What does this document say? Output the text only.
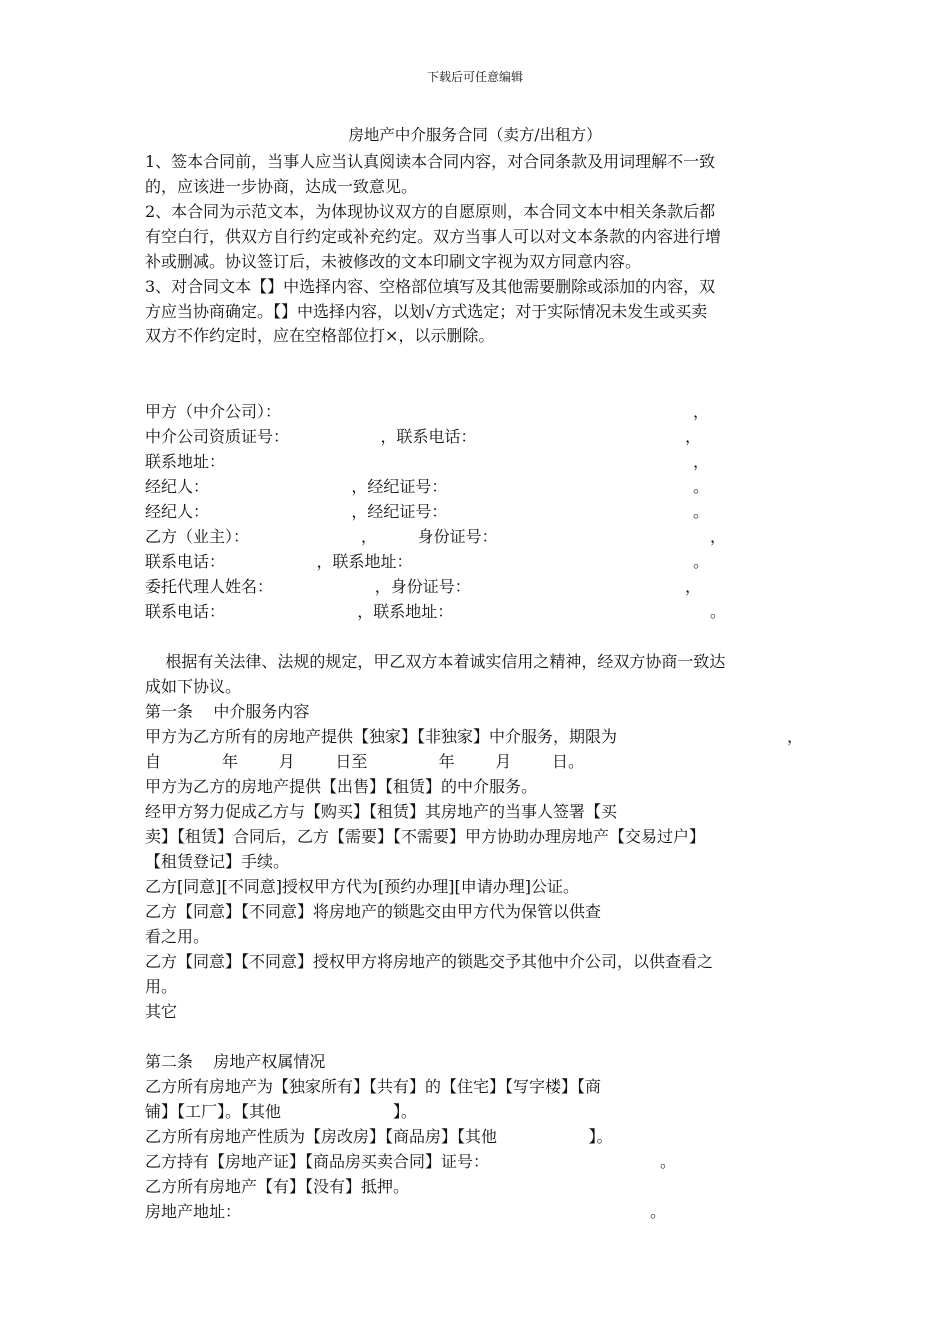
下载后可任意编辑
房地产中介服务合同（卖方/出租方）
1、签本合同前，当事人应当认真阅读本合同内容，对合同条款及用词理解不一致
的，应该进一步协商，达成一致意见。
2、本合同为示范文本，为体现协议双方的自愿原则，本合同文本中相关条款后都
有空白行，供双方自行约定或补充约定。双方当事人可以对文本条款的内容进行增
补或删减。协议签订后，未被修改的文本印刷文字视为双方同意内容。
3、对合同文本【】中选择内容、空格部位填写及其他需要删除或添加的内容，双
方应当协商确定。【】中选择内容，以划√方式选定；对于实际情况未发生或买卖
双方不作约定时，应在空格部位打×，以示删除。
甲方（中介公司）：	，
中介公司资质证号：                  ，联系电话：	，
联系地址：	，
经纪人：                            ，经纪证号：	。
经纪人：                            ，经纪证号：	。
乙方（业主）：                      ，        身份证号：	，
联系电话：                  ，联系地址：	。
委托代理人姓名：                    ，身份证号：	，
联系电话：                          ，联系地址：	。
根据有关法律、法规的规定，甲乙双方本着诚实信用之精神，经双方协商一致达
成如下协议。
第一条    中介服务内容
甲方为乙方所有的房地产提供【独家】【非独家】中介服务，期限为	，
自            年        月        日至              年        月        日。
甲方为乙方的房地产提供【出售】【租赁】的中介服务。
经甲方努力促成乙方与【购买】【租赁】其房地产的当事人签署【买
卖】【租赁】合同后，乙方【需要】【不需要】甲方协助办理房地产【交易过户】
【租赁登记】手续。
乙方[同意][不同意]授权甲方代为[预约办理][申请办理]公证。
乙方【同意】【不同意】将房地产的锁匙交由甲方代为保管以供查
看之用。
乙方【同意】【不同意】授权甲方将房地产的锁匙交予其他中介公司，以供查看之
用。
其它
第二条    房地产权属情况
乙方所有房地产为【独家所有】【共有】的【住宅】【写字楼】【商
铺】【工厂】。【其他                      】。
乙方所有房地产性质为【房改房】【商品房】【其他                  】。
乙方持有【房地产证】【商品房买卖合同】证号：	。
乙方所有房地产【有】【没有】抵押。
房地产地址：	。
